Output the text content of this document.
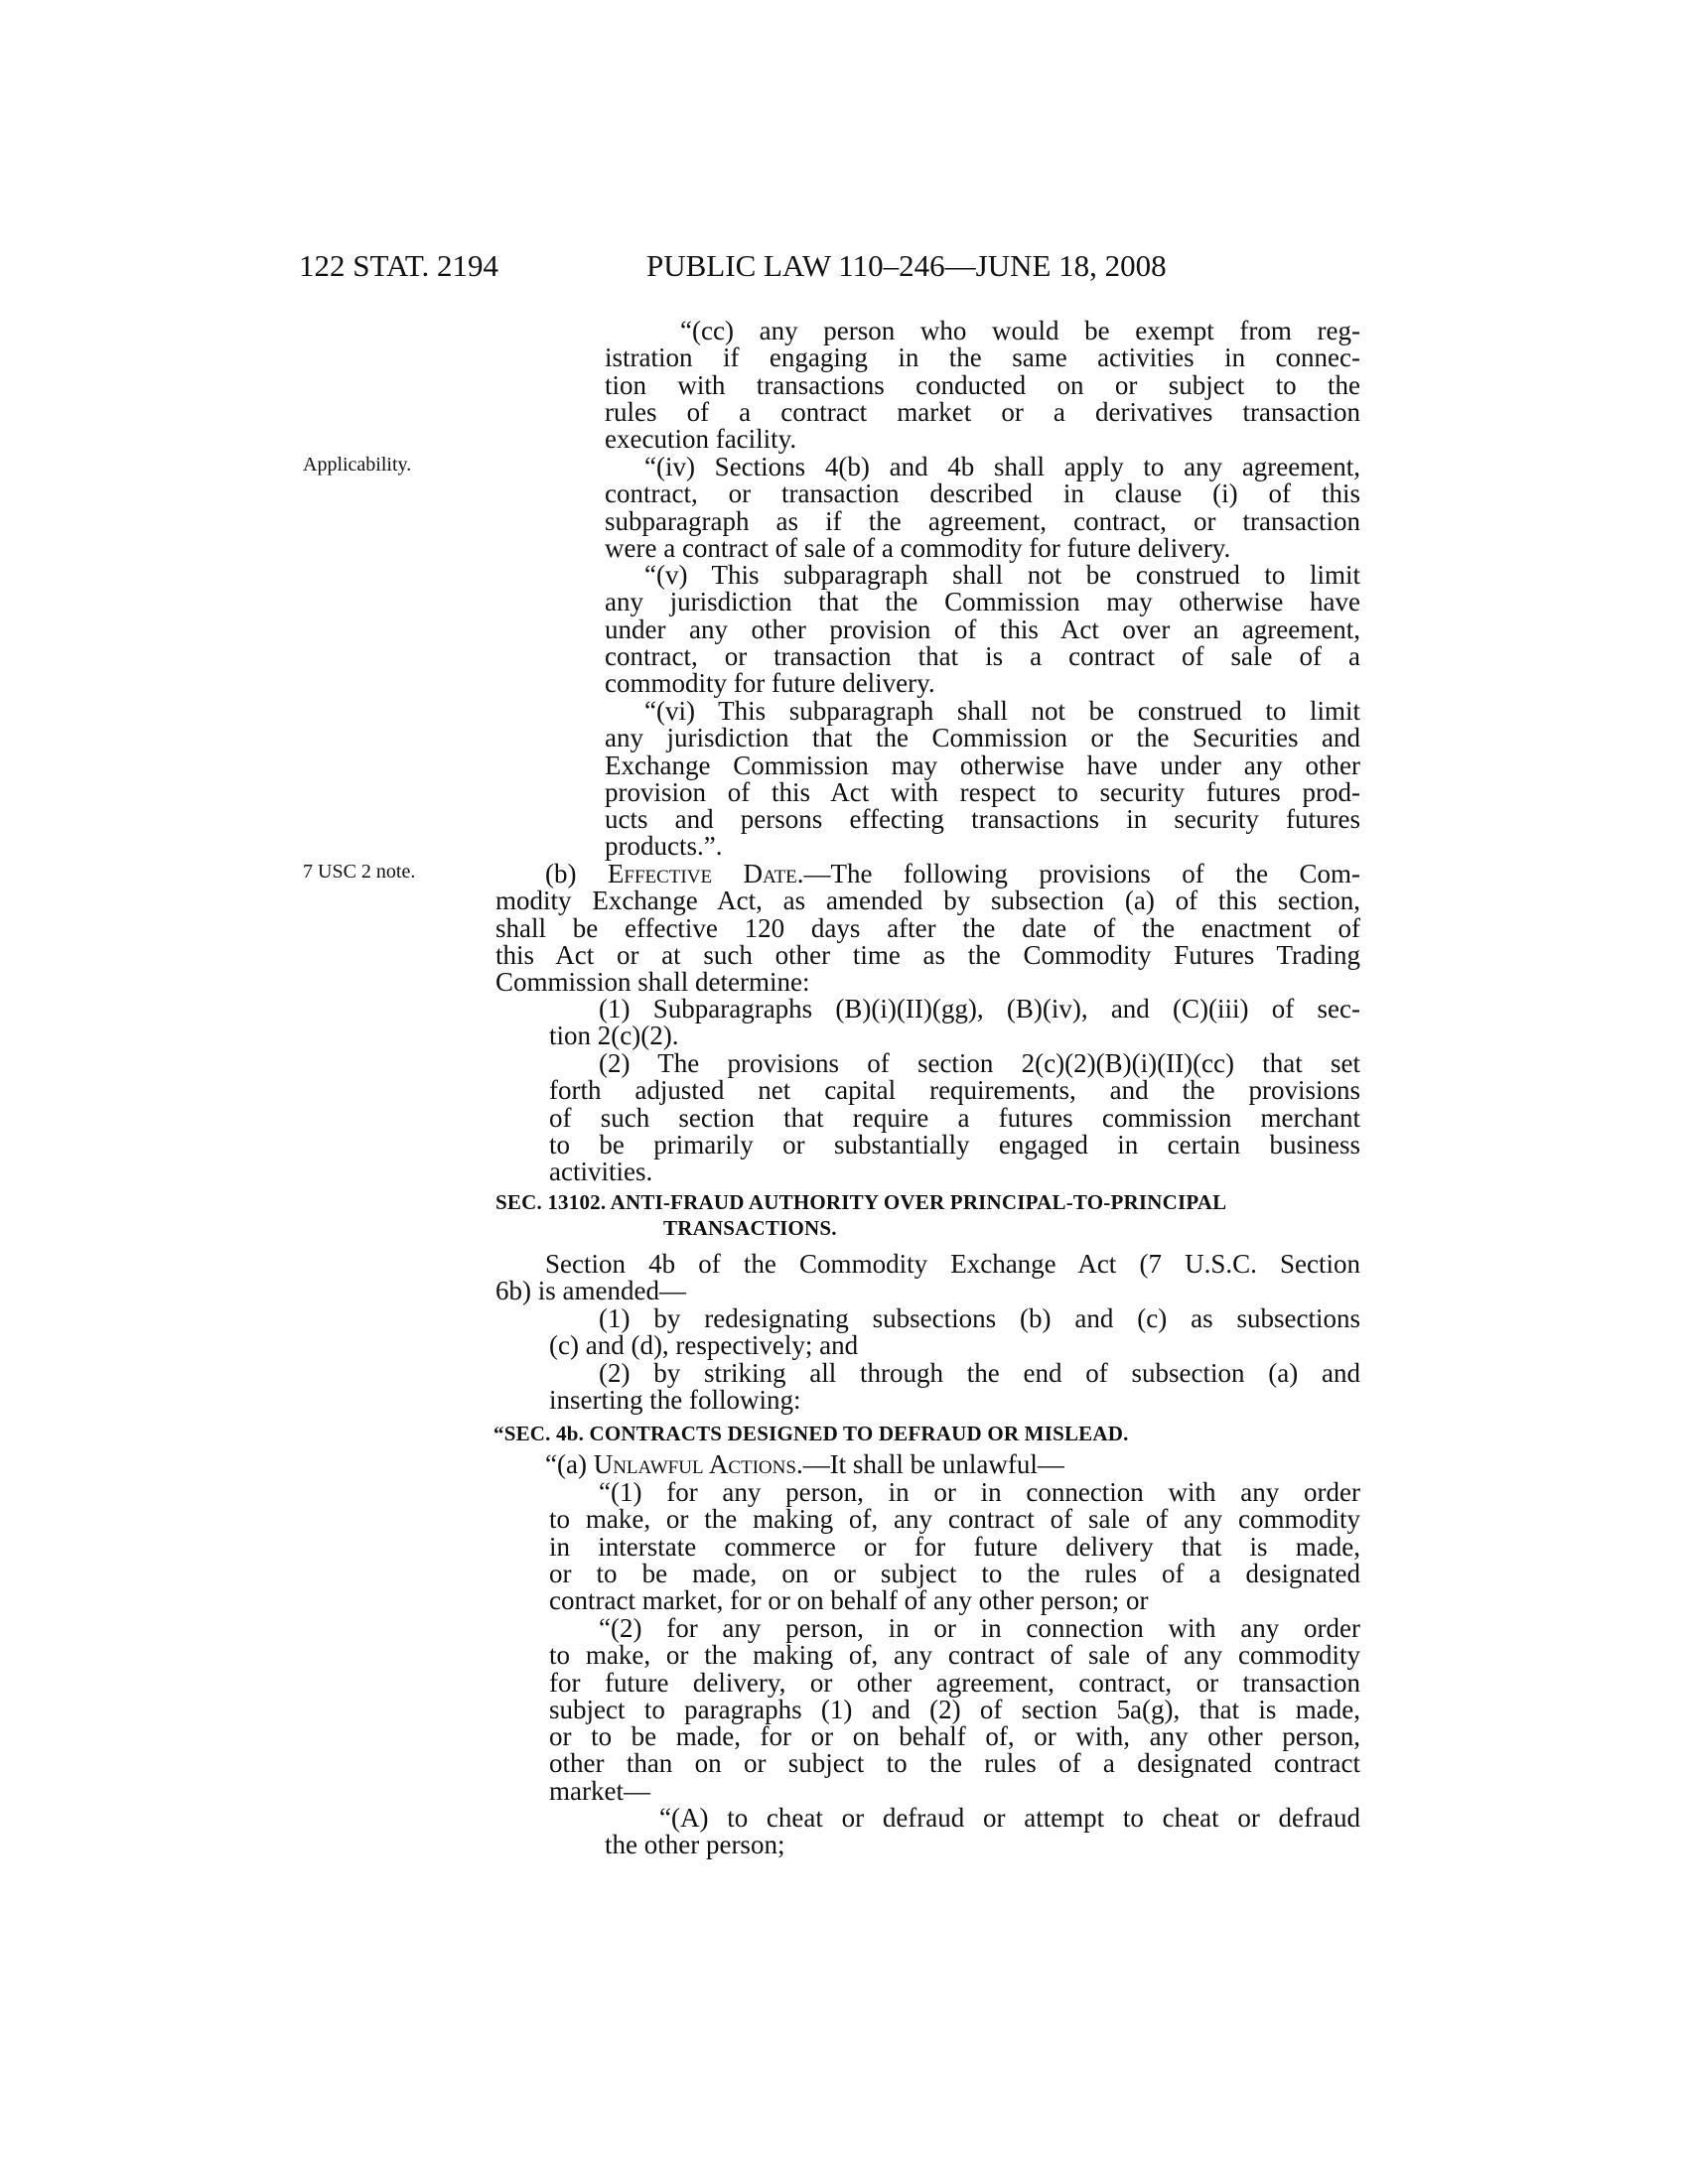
122 STAT. 2194	PUBLIC LAW 110–246—JUNE 18, 2008
Applicability.
7 USC 2 note.
“(cc) any person who would be exempt from reg-
istration if engaging in the same activities in connec-
tion with transactions conducted on or subject to the
rules of a contract market or a derivatives transaction
execution facility.
“(iv) Sections 4(b) and 4b shall apply to any agreement,
contract, or transaction described in clause (i) of this
subparagraph as if the agreement, contract, or transaction
were a contract of sale of a commodity for future delivery.
“(v) This subparagraph shall not be construed to limit
any jurisdiction that the Commission may otherwise have
under any other provision of this Act over an agreement,
contract, or transaction that is a contract of sale of a
commodity for future delivery.
“(vi) This subparagraph shall not be construed to limit
any jurisdiction that the Commission or the Securities and
Exchange Commission may otherwise have under any other
provision of this Act with respect to security futures prod-
ucts and persons effecting transactions in security futures
products.”.
(b) Effective Date.—The following provisions of the Com-
modity Exchange Act, as amended by subsection (a) of this section,
shall be effective 120 days after the date of the enactment of
this Act or at such other time as the Commodity Futures Trading
Commission shall determine:
(1) Subparagraphs (B)(i)(II)(gg), (B)(iv), and (C)(iii) of sec-
tion 2(c)(2).
(2) The provisions of section 2(c)(2)(B)(i)(II)(cc) that set
forth adjusted net capital requirements, and the provisions
of such section that require a futures commission merchant
to be primarily or substantially engaged in certain business
activities.
SEC. 13102. ANTI-FRAUD AUTHORITY OVER PRINCIPAL-TO-PRINCIPAL
TRANSACTIONS.
Section 4b of the Commodity Exchange Act (7 U.S.C. Section
6b) is amended—
(1) by redesignating subsections (b) and (c) as subsections
(c) and (d), respectively; and
(2) by striking all through the end of subsection (a) and
inserting the following:
“SEC. 4b. CONTRACTS DESIGNED TO DEFRAUD OR MISLEAD.
“(a) Unlawful Actions.—It shall be unlawful—
“(1) for any person, in or in connection with any order
to make, or the making of, any contract of sale of any commodity
in interstate commerce or for future delivery that is made,
or to be made, on or subject to the rules of a designated
contract market, for or on behalf of any other person; or
“(2) for any person, in or in connection with any order
to make, or the making of, any contract of sale of any commodity
for future delivery, or other agreement, contract, or transaction
subject to paragraphs (1) and (2) of section 5a(g), that is made,
or to be made, for or on behalf of, or with, any other person,
other than on or subject to the rules of a designated contract
market—
“(A) to cheat or defraud or attempt to cheat or defraud
the other person;
